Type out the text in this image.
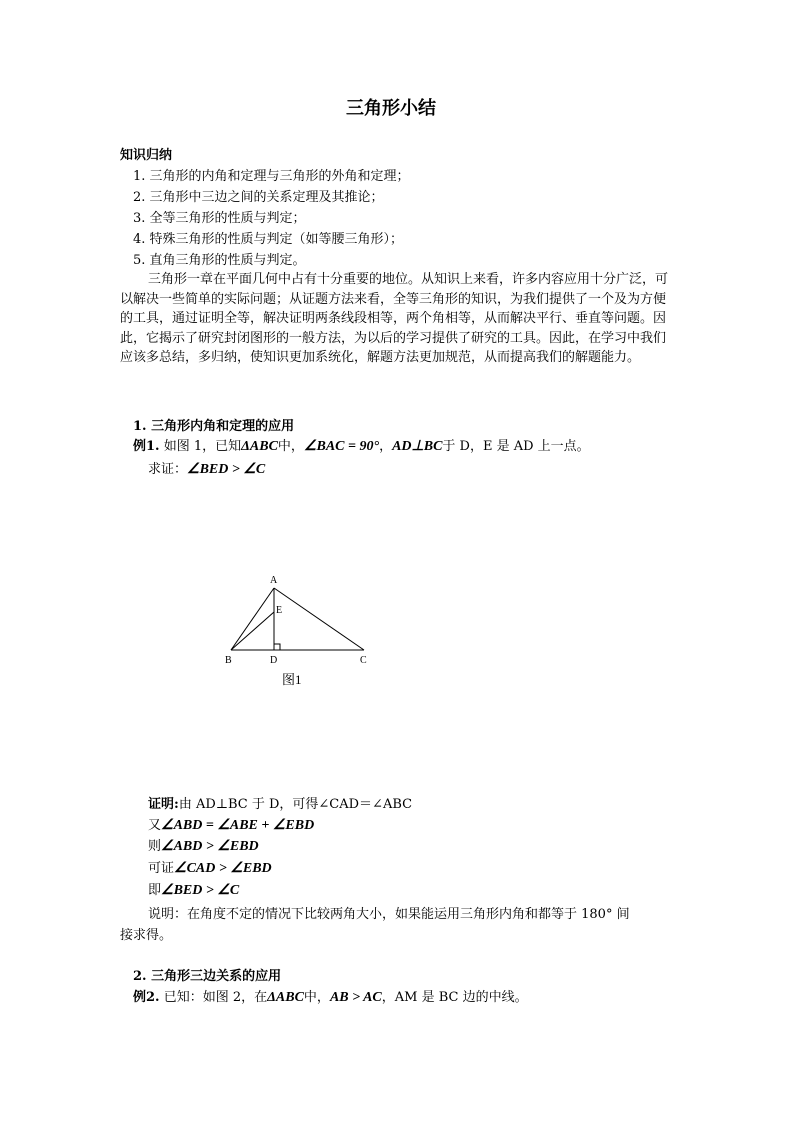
三角形小结
知识归纳
1. 三角形的内角和定理与三角形的外角和定理；
2. 三角形中三边之间的关系定理及其推论；
3. 全等三角形的性质与判定；
4. 特殊三角形的性质与判定（如等腰三角形）；
5. 直角三角形的性质与判定。
三角形一章在平面几何中占有十分重要的地位。从知识上来看，许多内容应用十分广泛，可以解决一些简单的实际问题；从证题方法来看，全等三角形的知识，为我们提供了一个及为方便的工具，通过证明全等，解决证明两条线段相等，两个角相等，从而解决平行、垂直等问题。因此，它揭示了研究封闭图形的一般方法，为以后的学习提供了研究的工具。因此，在学习中我们应该多总结，多归纳，使知识更加系统化，解题方法更加规范，从而提高我们的解题能力。
1. 三角形内角和定理的应用
例1. 如图 1，已知ΔABC中，∠BAC = 90°，AD⊥BC于 D，E 是 AD 上一点。
求证：∠BED > ∠C
A
E
B	D	C
图1
证明:由 AD⊥BC 于 D，可得∠CAD＝∠ABC
又∠ABD = ∠ABE + ∠EBD
则∠ABD > ∠EBD
可证∠CAD > ∠EBD
即∠BED > ∠C
说明：在角度不定的情况下比较两角大小，如果能运用三角形内角和都等于 180° 间
接求得。
2. 三角形三边关系的应用
例2. 已知：如图 2，在ΔABC中，AB > AC，AM 是 BC 边的中线。
